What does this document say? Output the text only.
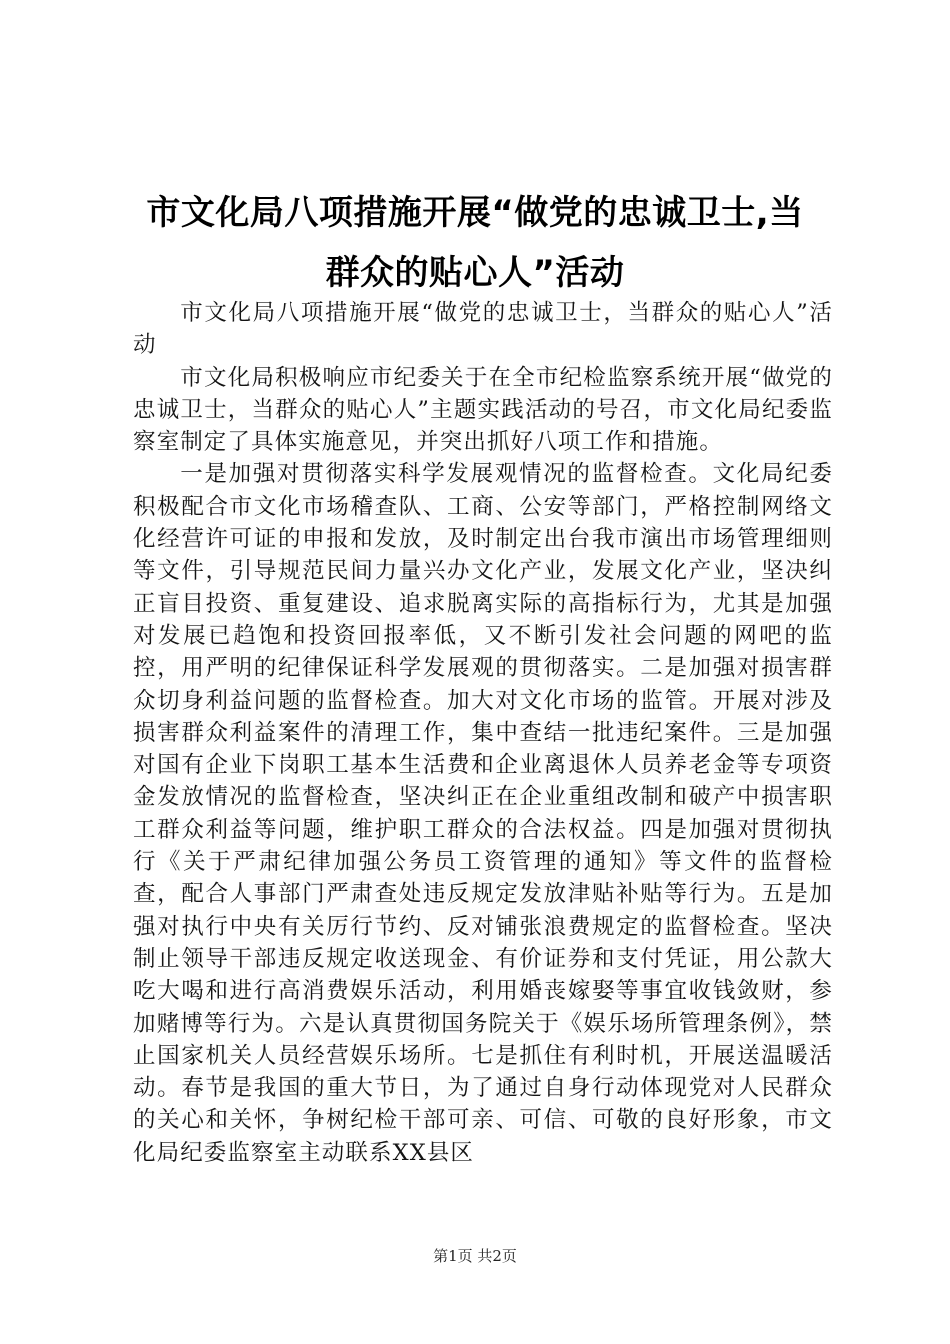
市文化局八项措施开展“做党的忠诚卫士,当
群众的贴心人”活动

市文化局八项措施开展“做党的忠诚卫士，当群众的贴心人”活动

市文化局积极响应市纪委关于在全市纪检监察系统开展“做党的忠诚卫士，当群众的贴心人”主题实践活动的号召，市文化局纪委监察室制定了具体实施意见，并突出抓好八项工作和措施。

一是加强对贯彻落实科学发展观情况的监督检查。文化局纪委积极配合市文化市场稽查队、工商、公安等部门，严格控制网络文化经营许可证的申报和发放，及时制定出台我市演出市场管理细则等文件，引导规范民间力量兴办文化产业，发展文化产业，坚决纠正盲目投资、重复建设、追求脱离实际的高指标行为，尤其是加强对发展已趋饱和投资回报率低，又不断引发社会问题的网吧的监控，用严明的纪律保证科学发展观的贯彻落实。二是加强对损害群众切身利益问题的监督检查。加大对文化市场的监管。开展对涉及损害群众利益案件的清理工作，集中查结一批违纪案件。三是加强对国有企业下岗职工基本生活费和企业离退休人员养老金等专项资金发放情况的监督检查，坚决纠正在企业重组改制和破产中损害职工群众利益等问题，维护职工群众的合法权益。四是加强对贯彻执行《关于严肃纪律加强公务员工资管理的通知》等文件的监督检查，配合人事部门严肃查处违反规定发放津贴补贴等行为。五是加强对执行中央有关厉行节约、反对铺张浪费规定的监督检查。坚决制止领导干部违反规定收送现金、有价证券和支付凭证，用公款大吃大喝和进行高消费娱乐活动，利用婚丧嫁娶等事宜收钱敛财，参加赌博等行为。六是认真贯彻国务院关于《娱乐场所管理条例》，禁止国家机关人员经营娱乐场所。七是抓住有利时机，开展送温暖活动。春节是我国的重大节日，为了通过自身行动体现党对人民群众的关心和关怀，争树纪检干部可亲、可信、可敬的良好形象，市文化局纪委监察室主动联系XX县区

第1页 共2页
